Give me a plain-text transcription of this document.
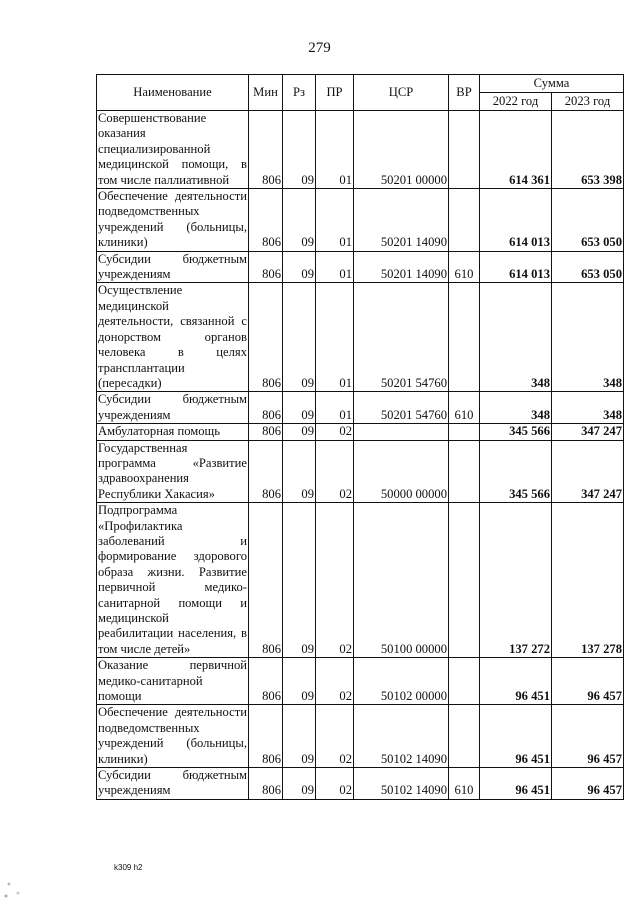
279
Наименование	Мин	Рз	ПР	ЦСР	ВР	Сумма	
						2022 год	2023 год
Совершенствование оказания специализированной медицинской помощи, в том числе паллиативной	806	09	01	50201 00000		614 361	653 398
Обеспечение деятельности подведомственных учреждений (больницы, клиники)	806	09	01	50201 14090		614 013	653 050
Субсидии бюджетным учреждениям	806	09	01	50201 14090	610	614 013	653 050
Осуществление медицинской деятельности, связанной с донорством органов человека в целях трансплантации (пересадки)	806	09	01	50201 54760		348	348
Субсидии бюджетным учреждениям	806	09	01	50201 54760	610	348	348
Амбулаторная помощь	806	09	02			345 566	347 247
Государственная программа «Развитие здравоохранения Республики Хакасия»	806	09	02	50000 00000		345 566	347 247
Подпрограмма «Профилактика заболеваний и формирование здорового образа жизни. Развитие первичной медико-санитарной помощи и медицинской реабилитации населения, в том числе детей»	806	09	02	50100 00000		137 272	137 278
Оказание первичной медико-санитарной помощи	806	09	02	50102 00000		96 451	96 457
Обеспечение деятельности подведомственных учреждений (больницы, клиники)	806	09	02	50102 14090		96 451	96 457
Субсидии бюджетным учреждениям	806	09	02	50102 14090	610	96 451	96 457
k309 h2
